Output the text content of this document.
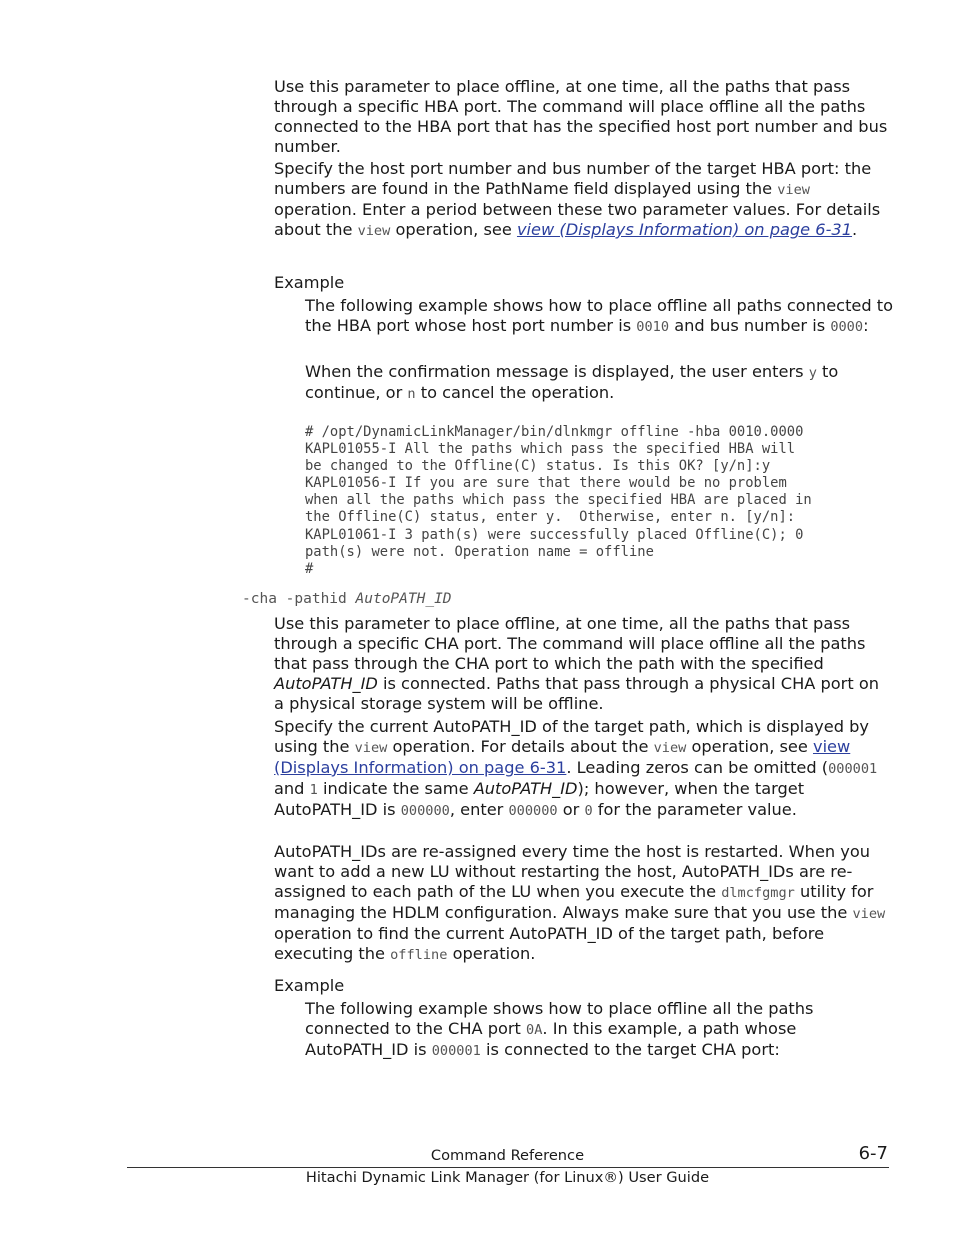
Use this parameter to place offline, at one time, all the paths that pass through a specific HBA port. The command will place offline all the paths connected to the HBA port that has the specified host port number and bus number.

Specify the host port number and bus number of the target HBA port: the numbers are found in the PathName field displayed using the view operation. Enter a period between these two parameter values. For details about the view operation, see view (Displays Information) on page 6-31.

Example

The following example shows how to place offline all paths connected to the HBA port whose host port number is 0010 and bus number is 0000:

When the confirmation message is displayed, the user enters y to continue, or n to cancel the operation.

# /opt/DynamicLinkManager/bin/dlnkmgr offline -hba 0010.0000
KAPL01055-I All the paths which pass the specified HBA will
be changed to the Offline(C) status. Is this OK? [y/n]:y
KAPL01056-I If you are sure that there would be no problem
when all the paths which pass the specified HBA are placed in
the Offline(C) status, enter y.  Otherwise, enter n. [y/n]:
KAPL01061-I 3 path(s) were successfully placed Offline(C); 0
path(s) were not. Operation name = offline
#
-cha -pathid AutoPATH_ID

Use this parameter to place offline, at one time, all the paths that pass through a specific CHA port. The command will place offline all the paths that pass through the CHA port to which the path with the specified AutoPATH_ID is connected. Paths that pass through a physical CHA port on a physical storage system will be offline.

Specify the current AutoPATH_ID of the target path, which is displayed by using the view operation. For details about the view operation, see view (Displays Information) on page 6-31. Leading zeros can be omitted (000001 and 1 indicate the same AutoPATH_ID); however, when the target AutoPATH_ID is 000000, enter 000000 or 0 for the parameter value.

AutoPATH_IDs are re-assigned every time the host is restarted. When you want to add a new LU without restarting the host, AutoPATH_IDs are re-assigned to each path of the LU when you execute the dlmcfgmgr utility for managing the HDLM configuration. Always make sure that you use the view operation to find the current AutoPATH_ID of the target path, before executing the offline operation.

Example

The following example shows how to place offline all the paths connected to the CHA port 0A. In this example, a path whose AutoPATH_ID is 000001 is connected to the target CHA port:

Command Reference	6-7
Hitachi Dynamic Link Manager (for Linux®) User Guide
